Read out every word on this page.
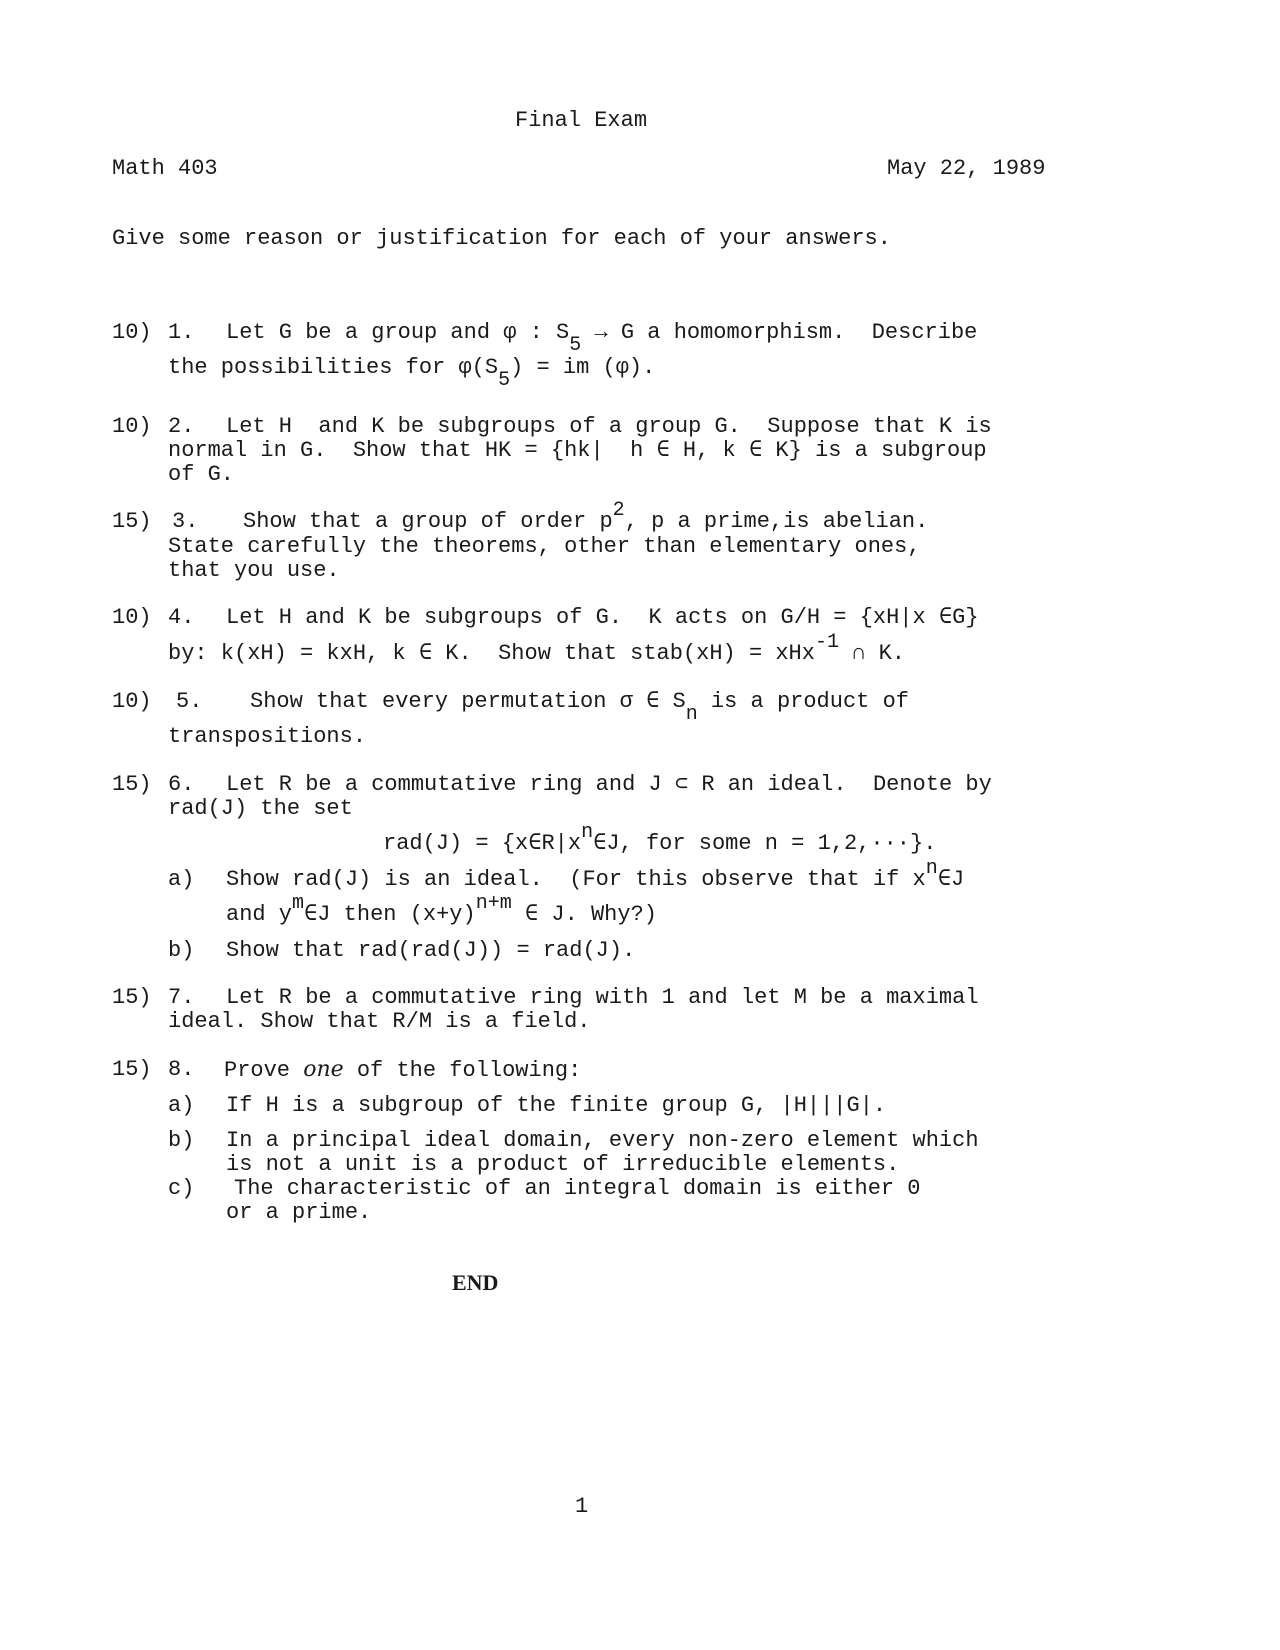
Final Exam
Math 403	May 22, 1989
Give some reason or justification for each of your answers.
10) 1. Let G be a group and φ : $S_5 \to G$ a homomorphism.  Describe
the possibilities for $\varphi(S_5)$ = im (φ).
10) 2. Let H  and K be subgroups of a group G.  Suppose that K is
normal in G.  Show that HK = {hk|  h ∈ H, k ∈ K} is a subgroup
of G.
15) 3. Show that a group of order $p^2$, p a prime,is abelian.
State carefully the theorems, other than elementary ones,
that you use.
10) 4. Let H and K be subgroups of G.  K acts on G/H = {xH|x ∈G}
by: k(xH) = kxH, k ∈ K.  Show that stab(xH) = xHx$^{-1}$ ∩ K.
10) 5. Show that every permutation σ ∈ $S_n$ is a product of
transpositions.
15) 6. Let R be a commutative ring and J ⊂ R an ideal.  Denote by
rad(J) the set
$rad(J) = \{x\in R|x^n\in J$, for some n = 1,2,···}.
a) Show rad(J) is an ideal.  (For this observe that if $x^n\in J$
and $y^m\in J$ then $(x+y)^{n+m}$ ∈ J. Why?)
b) Show that rad(rad(J)) = rad(J).
15) 7. Let R be a commutative ring with 1 and let M be a maximal
ideal. Show that R/M is a field.
15) 8. Prove one of the following:
a) If H is a subgroup of the finite group G, |H|||G|.
b) In a principal ideal domain, every non-zero element which
is not a unit is a product of irreducible elements.
c) The characteristic of an integral domain is either 0
or a prime.
END
1
